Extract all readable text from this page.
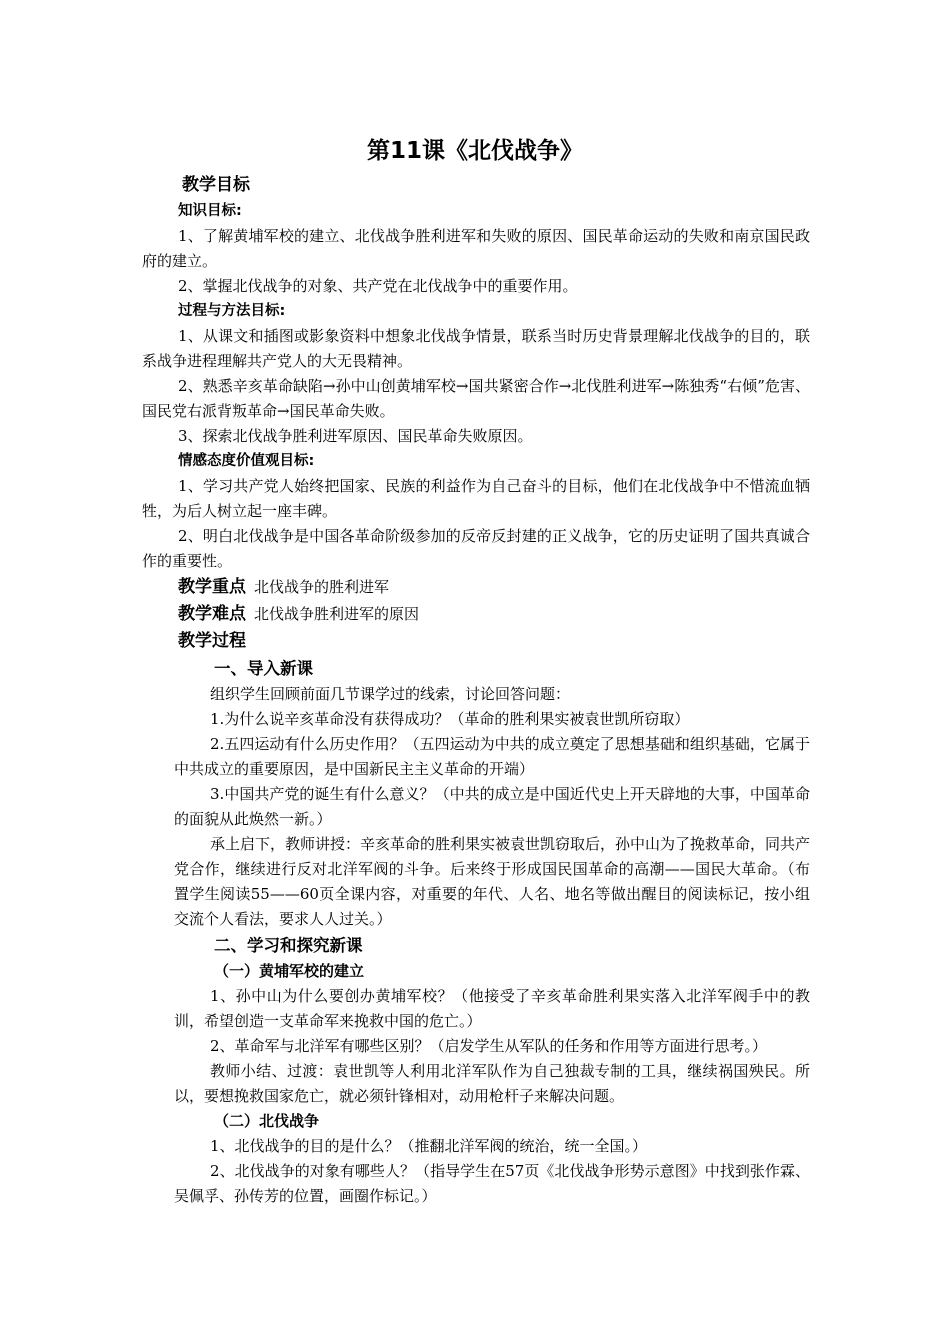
第11课《北伐战争》

教学目标

知识目标:

1、了解黄埔军校的建立、北伐战争胜利进军和失败的原因、国民革命运动的失败和南京国民政府的建立。

2、掌握北伐战争的对象、共产党在北伐战争中的重要作用。

过程与方法目标:

1、从课文和插图或影象资料中想象北伐战争情景，联系当时历史背景理解北伐战争的目的，联系战争进程理解共产党人的大无畏精神。

2、熟悉辛亥革命缺陷→孙中山创黄埔军校→国共紧密合作→北伐胜利进军→陈独秀“右倾”危害、国民党右派背叛革命→国民革命失败。

3、探索北伐战争胜利进军原因、国民革命失败原因。

情感态度价值观目标:

1、学习共产党人始终把国家、民族的利益作为自己奋斗的目标，他们在北伐战争中不惜流血牺牲，为后人树立起一座丰碑。

2、明白北伐战争是中国各革命阶级参加的反帝反封建的正义战争，它的历史证明了国共真诚合作的重要性。

教学重点 北伐战争的胜利进军

教学难点 北伐战争胜利进军的原因

教学过程

一、导入新课

组织学生回顾前面几节课学过的线索，讨论回答问题：

1.为什么说辛亥革命没有获得成功？（革命的胜利果实被袁世凯所窃取）

2.五四运动有什么历史作用？（五四运动为中共的成立奠定了思想基础和组织基础，它属于中共成立的重要原因，是中国新民主主义革命的开端）

3.中国共产党的诞生有什么意义？（中共的成立是中国近代史上开天辟地的大事，中国革命的面貌从此焕然一新。）

承上启下，教师讲授：辛亥革命的胜利果实被袁世凯窃取后，孙中山为了挽救革命，同共产党合作，继续进行反对北洋军阀的斗争。后来终于形成国民国革命的高潮——国民大革命。（布置学生阅读55——60页全课内容，对重要的年代、人名、地名等做出醒目的阅读标记，按小组交流个人看法，要求人人过关。）

二、学习和探究新课

（一）黄埔军校的建立

1、孙中山为什么要创办黄埔军校？（他接受了辛亥革命胜利果实落入北洋军阀手中的教训，希望创造一支革命军来挽救中国的危亡。）

2、革命军与北洋军有哪些区别？（启发学生从军队的任务和作用等方面进行思考。）

教师小结、过渡：袁世凯等人利用北洋军队作为自己独裁专制的工具，继续祸国殃民。所以，要想挽救国家危亡，就必须针锋相对，动用枪杆子来解决问题。

（二）北伐战争

1、北伐战争的目的是什么？（推翻北洋军阀的统治，统一全国。）

2、北伐战争的对象有哪些人？（指导学生在57页《北伐战争形势示意图》中找到张作霖、吴佩孚、孙传芳的位置，画圈作标记。）
